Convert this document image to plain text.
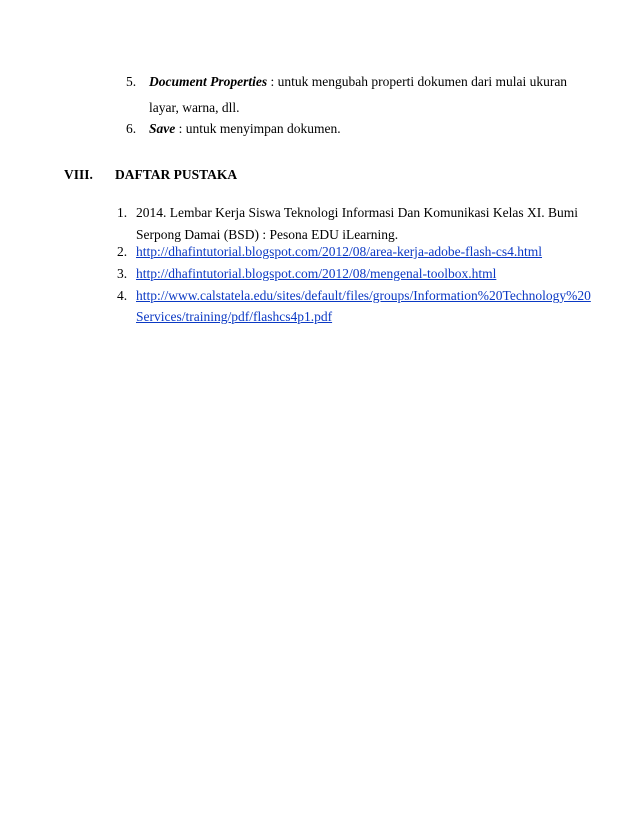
5. Document Properties : untuk mengubah properti dokumen dari mulai ukuran
layar, warna, dll.
6. Save : untuk menyimpan dokumen.
VIII. DAFTAR PUSTAKA
1. 2014. Lembar Kerja Siswa Teknologi Informasi Dan Komunikasi Kelas XI. Bumi
Serpong Damai (BSD) : Pesona EDU iLearning.
2. http://dhafintutorial.blogspot.com/2012/08/area-kerja-adobe-flash-cs4.html
3. http://dhafintutorial.blogspot.com/2012/08/mengenal-toolbox.html
4. http://www.calstatela.edu/sites/default/files/groups/Information%20Technology%20
Services/training/pdf/flashcs4p1.pdf
